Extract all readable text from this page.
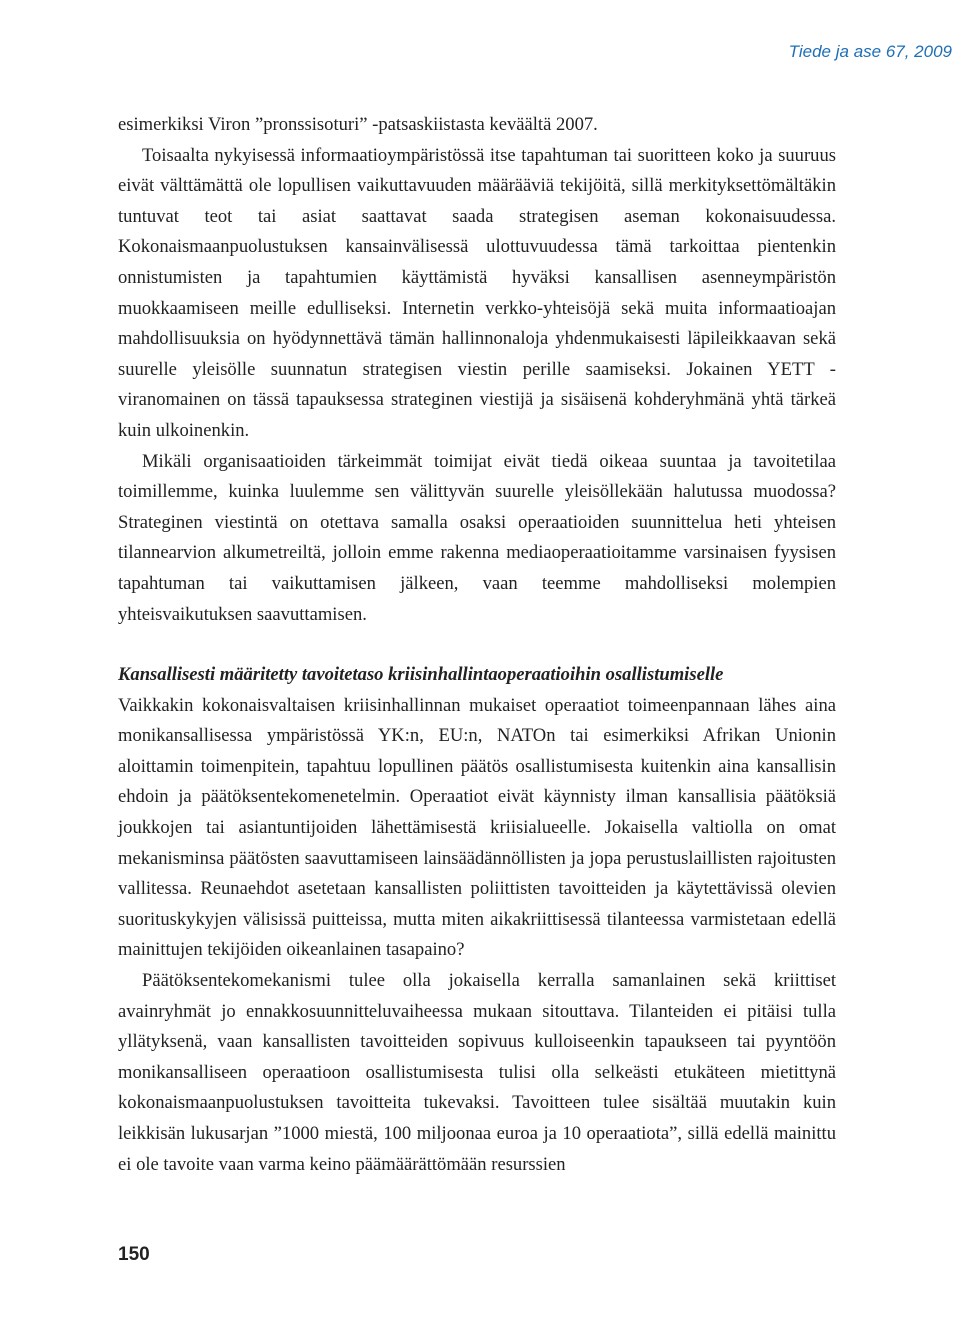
Tiede ja ase 67, 2009

esimerkiksi Viron ”pronssisoturi” -patsaskiistasta keväältä 2007.

Toisaalta nykyisessä informaatioympäristössä itse tapahtuman tai suoritteen koko ja suuruus eivät välttämättä ole lopullisen vaikuttavuuden määrääviä tekijöitä, sillä merkityksettömältäkin tuntuvat teot tai asiat saattavat saada strategisen aseman kokonaisuudessa. Kokonaismaanpuolustuksen kansainvälisessä ulottuvuudessa tämä tarkoittaa pientenkin onnistumisten ja tapahtumien käyttämistä hyväksi kansallisen asenneympäristön muokkaamiseen meille edulliseksi. Internetin verkko-yhteisöjä sekä muita informaatioajan mahdollisuuksia on hyödynnettävä tämän hallinnonaloja yhdenmukaisesti läpileikkaavan sekä suurelle yleisölle suunnatun strategisen viestin perille saamiseksi. Jokainen YETT -viranomainen on tässä tapauksessa strateginen viestijä ja sisäisenä kohderyhmänä yhtä tärkeä kuin ulkoinenkin.

Mikäli organisaatioiden tärkeimmät toimijat eivät tiedä oikeaa suuntaa ja tavoitetilaa toimillemme, kuinka luulemme sen välittyvän suurelle yleisöllekään halutussa muodossa? Strateginen viestintä on otettava samalla osaksi operaatioiden suunnittelua heti yhteisen tilannearvion alkumetreiltä, jolloin emme rakenna mediaoperaatioitamme varsinaisen fyysisen tapahtuman tai vaikuttamisen jälkeen, vaan teemme mahdolliseksi molempien yhteisvaikutuksen saavuttamisen.

Kansallisesti määritetty tavoitetaso kriisinhallintaoperaatioihin osallistumiselle

Vaikkakin kokonaisvaltaisen kriisinhallinnan mukaiset operaatiot toimeenpannaan lähes aina monikansallisessa ympäristössä YK:n, EU:n, NATOn tai esimerkiksi Afrikan Unionin aloittamin toimenpitein, tapahtuu lopullinen päätös osallistumisesta kuitenkin aina kansallisin ehdoin ja päätöksentekomenetelmin. Operaatiot eivät käynnisty ilman kansallisia päätöksiä joukkojen tai asiantuntijoiden lähettämisestä kriisialueelle. Jokaisella valtiolla on omat mekanisminsa päätösten saavuttamiseen lainsäädännöllisten ja jopa perustuslaillisten rajoitusten vallitessa. Reunaehdot asetetaan kansallisten poliittisten tavoitteiden ja käytettävissä olevien suorituskykyjen välisissä puitteissa, mutta miten aikakriittisessä tilanteessa varmistetaan edellä mainittujen tekijöiden oikeanlainen tasapaino?

Päätöksentekomekanismi tulee olla jokaisella kerralla samanlainen sekä kriittiset avainryhmät jo ennakkosuunnitteluvaiheessa mukaan sitouttava. Tilanteiden ei pitäisi tulla yllätyksenä, vaan kansallisten tavoitteiden sopivuus kulloiseenkin tapaukseen tai pyyntöön monikansalliseen operaatioon osallistumisesta tulisi olla selkeästi etukäteen mietittynä kokonaismaanpuolustuksen tavoitteita tukevaksi. Tavoitteen tulee sisältää muutakin kuin leikkisän lukusarjan ”1000 miestä, 100 miljoonaa euroa ja 10 operaatiota”, sillä edellä mainittu ei ole tavoite vaan varma keino päämäärättömään resurssien

150
